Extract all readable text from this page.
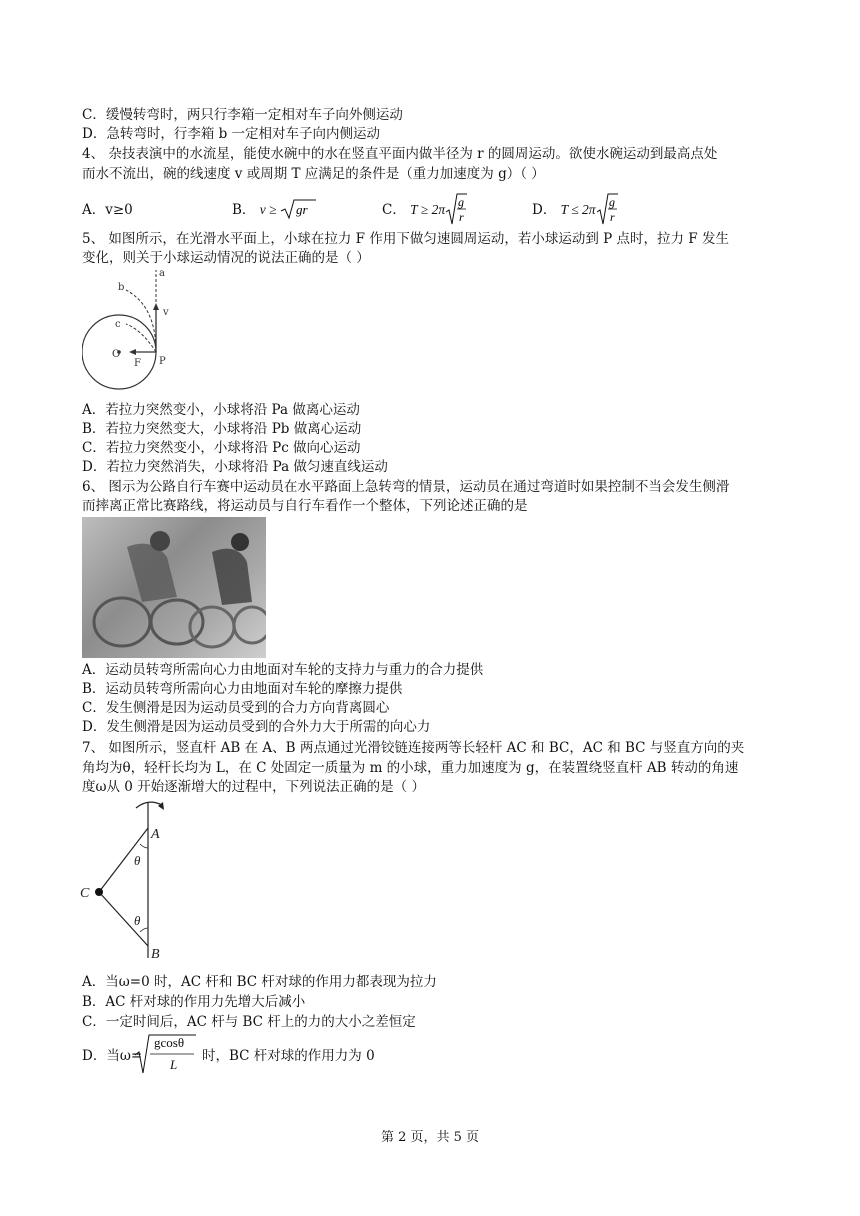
C．缓慢转弯时，两只行李箱一定相对车子向外侧运动
D．急转弯时，行李箱 b 一定相对车子向内侧运动
4、 杂技表演中的水流星，能使水碗中的水在竖直平面内做半径为 r 的圆周运动。欲使水碗运动到最高点处
而水不流出，碗的线速度 v 或周期 T 应满足的条件是（重力加速度为 g）（ ）
A．v≥0	B． v ≥ gr	C． T ≥ 2π g
r	D． T ≤ 2π g
r
5、 如图所示，在光滑水平面上，小球在拉力 F 作用下做匀速圆周运动，若小球运动到 P 点时，拉力 F 发生
变化，则关于小球运动情况的说法正确的是（ ）
a
b
c
v
O
F P
A．若拉力突然变小，小球将沿 Pa 做离心运动
B．若拉力突然变大，小球将沿 Pb 做离心运动
C．若拉力突然变小，小球将沿 Pc 做向心运动
D．若拉力突然消失，小球将沿 Pa 做匀速直线运动
6、 图示为公路自行车赛中运动员在水平路面上急转弯的情景，运动员在通过弯道时如果控制不当会发生侧滑
而摔离正常比赛路线，将运动员与自行车看作一个整体，下列论述正确的是
A．运动员转弯所需向心力由地面对车轮的支持力与重力的合力提供
B．运动员转弯所需向心力由地面对车轮的摩擦力提供
C．发生侧滑是因为运动员受到的合力方向背离圆心
D．发生侧滑是因为运动员受到的合外力大于所需的向心力
7、 如图所示，竖直杆 AB 在 A、B 两点通过光滑铰链连接两等长轻杆 AC 和 BC，AC 和 BC 与竖直方向的夹
角均为θ，轻杆长均为 L，在 C 处固定一质量为 m 的小球，重力加速度为 g，在装置绕竖直杆 AB 转动的角速
度ω从 0 开始逐渐增大的过程中，下列说法正确的是（ ）
A
B
C
θ
θ
A．当ω=0 时，AC 杆和 BC 杆对球的作用力都表现为拉力
B．AC 杆对球的作用力先增大后减小
C．一定时间后，AC 杆与 BC 杆上的力的大小之差恒定
D．当ω=
gcosθ
L
时，BC 杆对球的作用力为 0
第 2 页，共 5 页
